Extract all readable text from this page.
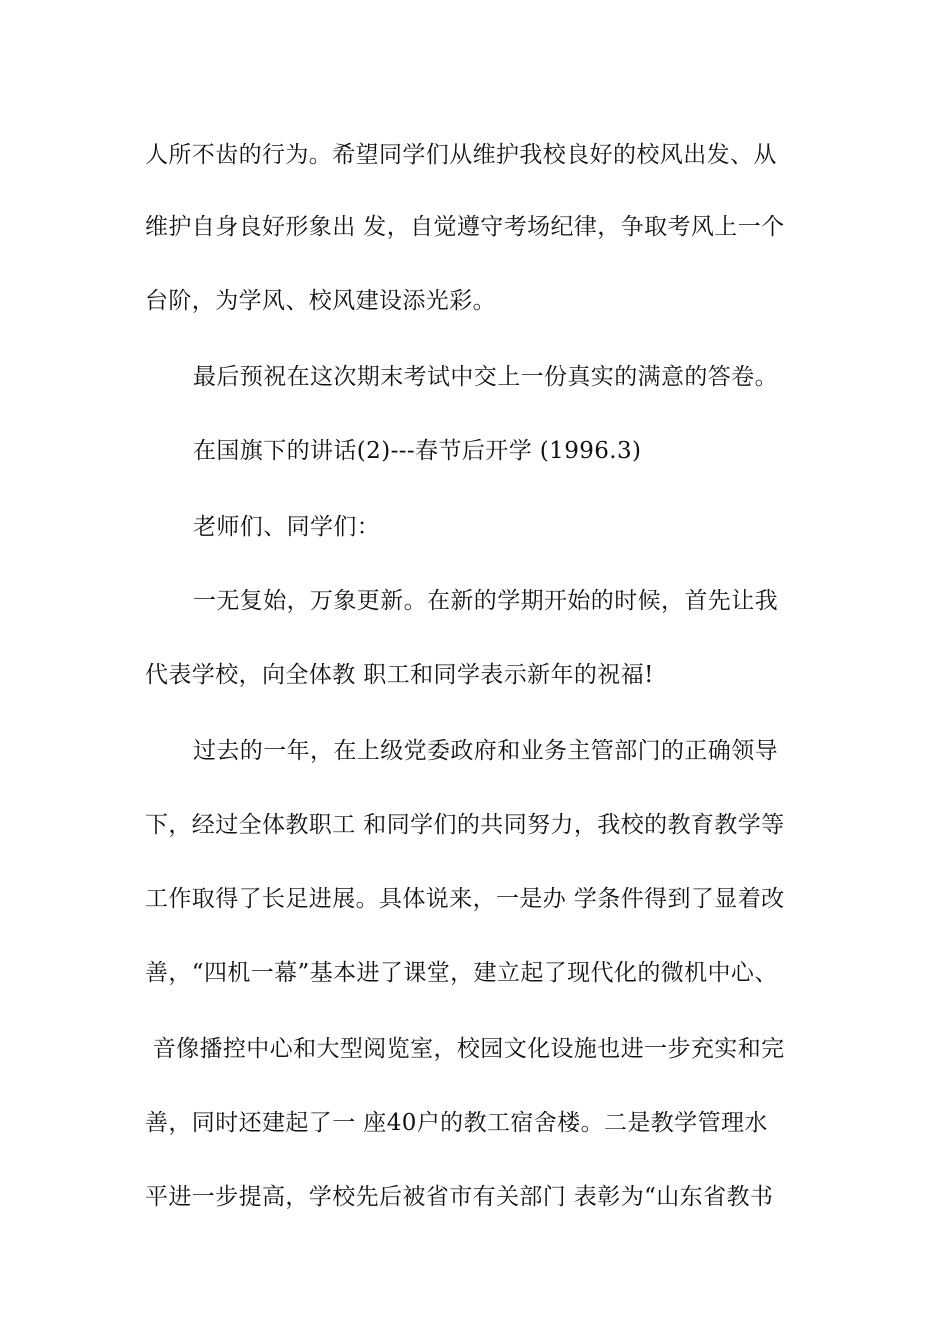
人所不齿的行为。希望同学们从维护我校良好的校风出发、从
维护自身良好形象出 发，自觉遵守考场纪律，争取考风上一个
台阶，为学风、校风建设添光彩。
最后预祝在这次期末考试中交上一份真实的满意的答卷。
在国旗下的讲话(2)---春节后开学 (1996.3)
老师们、同学们：
一无复始，万象更新。在新的学期开始的时候，首先让我
代表学校，向全体教 职工和同学表示新年的祝福!
过去的一年，在上级党委政府和业务主管部门的正确领导
下，经过全体教职工 和同学们的共同努力，我校的教育教学等
工作取得了长足进展。具体说来，一是办 学条件得到了显着改
善，“四机一幕”基本进了课堂，建立起了现代化的微机中心、
音像播控中心和大型阅览室，校园文化设施也进一步充实和完
善，同时还建起了一 座40户的教工宿舍楼。二是教学管理水
平进一步提高，学校先后被省市有关部门 表彰为“山东省教书
